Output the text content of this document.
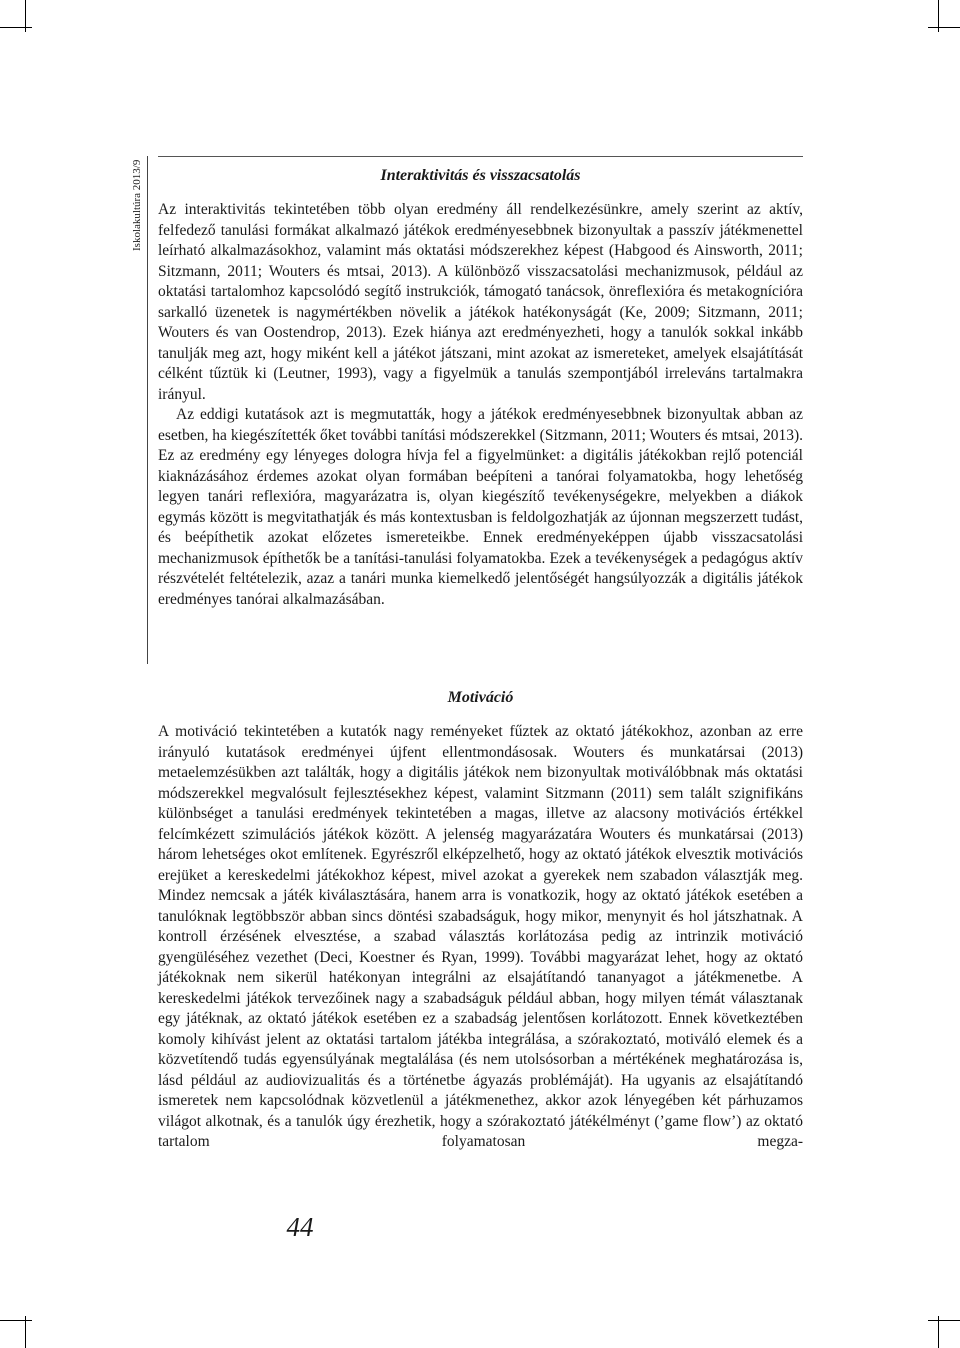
Iskolakultúra 2013/9	Interaktivitás és visszacsatolás

Az interaktivitás tekintetében több olyan eredmény áll rendelkezésünkre, amely szerint az aktív, felfedező tanulási formákat alkalmazó játékok eredményesebbnek bizonyultak a passzív játékmenettel leírható alkalmazásokhoz, valamint más oktatási módszerekhez képest (Habgood és Ainsworth, 2011; Sitzmann, 2011; Wouters és mtsai, 2013). A különböző visszacsatolási mechanizmusok, például az oktatási tartalomhoz kapcsolódó segítő instrukciók, támogató tanácsok, önreflexióra és metakognícióra sarkalló üzenetek is nagymértékben növelik a játékok hatékonyságát (Ke, 2009; Sitzmann, 2011; Wouters és van Oostendrop, 2013). Ezek hiánya azt eredményezheti, hogy a tanulók sokkal inkább tanulják meg azt, hogy miként kell a játékot játszani, mint azokat az ismereteket, amelyek elsajátítását célként tűztük ki (Leutner, 1993), vagy a figyelmük a tanulás szempontjából irreleváns tartalmakra irányul.

Az eddigi kutatások azt is megmutatták, hogy a játékok eredményesebbnek bizonyultak abban az esetben, ha kiegészítették őket további tanítási módszerekkel (Sitzmann, 2011; Wouters és mtsai, 2013). Ez az eredmény egy lényeges dologra hívja fel a figyelmünket: a digitális játékokban rejlő potenciál kiaknázásához érdemes azokat olyan formában beépíteni a tanórai folyamatokba, hogy lehetőség legyen tanári reflexióra, magyarázatra is, olyan kiegészítő tevékenységekre, melyekben a diákok egymás között is megvitathatják és más kontextusban is feldolgozhatják az újonnan megszerzett tudást, és beépíthetik azokat előzetes ismereteikbe. Ennek eredményeképpen újabb visszacsatolási mechanizmusok építhetők be a tanítási-tanulási folyamatokba. Ezek a tevékenységek a pedagógus aktív részvételét feltételezik, azaz a tanári munka kiemelkedő jelentőségét hangsúlyozzák a digitális játékok eredményes tanórai alkalmazásában.

Motiváció

A motiváció tekintetében a kutatók nagy reményeket fűztek az oktató játékokhoz, azonban az erre irányuló kutatások eredményei újfent ellentmondásosak. Wouters és munkatársai (2013) metaelemzésükben azt találták, hogy a digitális játékok nem bizonyultak motiválóbbnak más oktatási módszerekkel megvalósult fejlesztésekhez képest, valamint Sitzmann (2011) sem talált szignifikáns különbséget a tanulási eredmények tekintetében a magas, illetve az alacsony motivációs értékkel felcímkézett szimulációs játékok között. A jelenség magyarázatára Wouters és munkatársai (2013) három lehetséges okot említenek. Egyrészről elképzelhető, hogy az oktató játékok elvesztik motivációs erejüket a kereskedelmi játékokhoz képest, mivel azokat a gyerekek nem szabadon választják meg. Mindez nemcsak a játék kiválasztására, hanem arra is vonatkozik, hogy az oktató játékok esetében a tanulóknak legtöbbször abban sincs döntési szabadságuk, hogy mikor, menynyit és hol játszhatnak. A kontroll érzésének elvesztése, a szabad választás korlátozása pedig az intrinzik motiváció gyengüléséhez vezethet (Deci, Koestner és Ryan, 1999). További magyarázat lehet, hogy az oktató játékoknak nem sikerül hatékonyan integrálni az elsajátítandó tananyagot a játékmenetbe. A kereskedelmi játékok tervezőinek nagy a szabadságuk például abban, hogy milyen témát választanak egy játéknak, az oktató játékok esetében ez a szabadság jelentősen korlátozott. Ennek következtében komoly kihívást jelent az oktatási tartalom játékba integrálása, a szórakoztató, motiváló elemek és a közvetítendő tudás egyensúlyának megtalálása (és nem utolsósorban a mértékének meghatározása is, lásd például az audiovizualitás és a történetbe ágyazás problémáját). Ha ugyanis az elsajátítandó ismeretek nem kapcsolódnak közvetlenül a játékmenethez, akkor azok lényegében két párhuzamos világot alkotnak, és a tanulók úgy érezhetik, hogy a szórakoztató játékélményt (’game flow’) az oktató tartalom folyamatosan megza-

44
